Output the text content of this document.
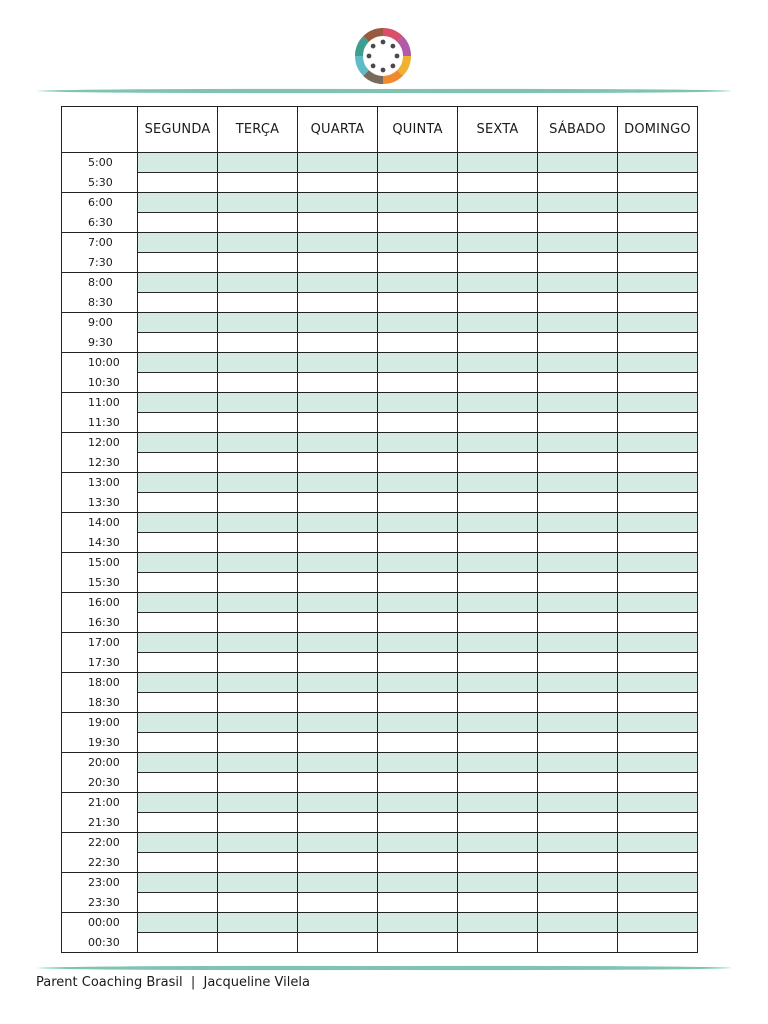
	SEGUNDA	TERÇA	QUARTA	QUINTA	SEXTA	SÁBADO	DOMINGO
5:00							
5:30							
6:00							
6:30							
7:00							
7:30							
8:00							
8:30							
9:00							
9:30							
10:00							
10:30							
11:00							
11:30							
12:00							
12:30							
13:00							
13:30							
14:00							
14:30							
15:00							
15:30							
16:00							
16:30							
17:00							
17:30							
18:00							
18:30							
19:00							
19:30							
20:00							
20:30							
21:00							
21:30							
22:00							
22:30							
23:00							
23:30							
00:00							
00:30							
Parent Coaching Brasil  |  Jacqueline Vilela
